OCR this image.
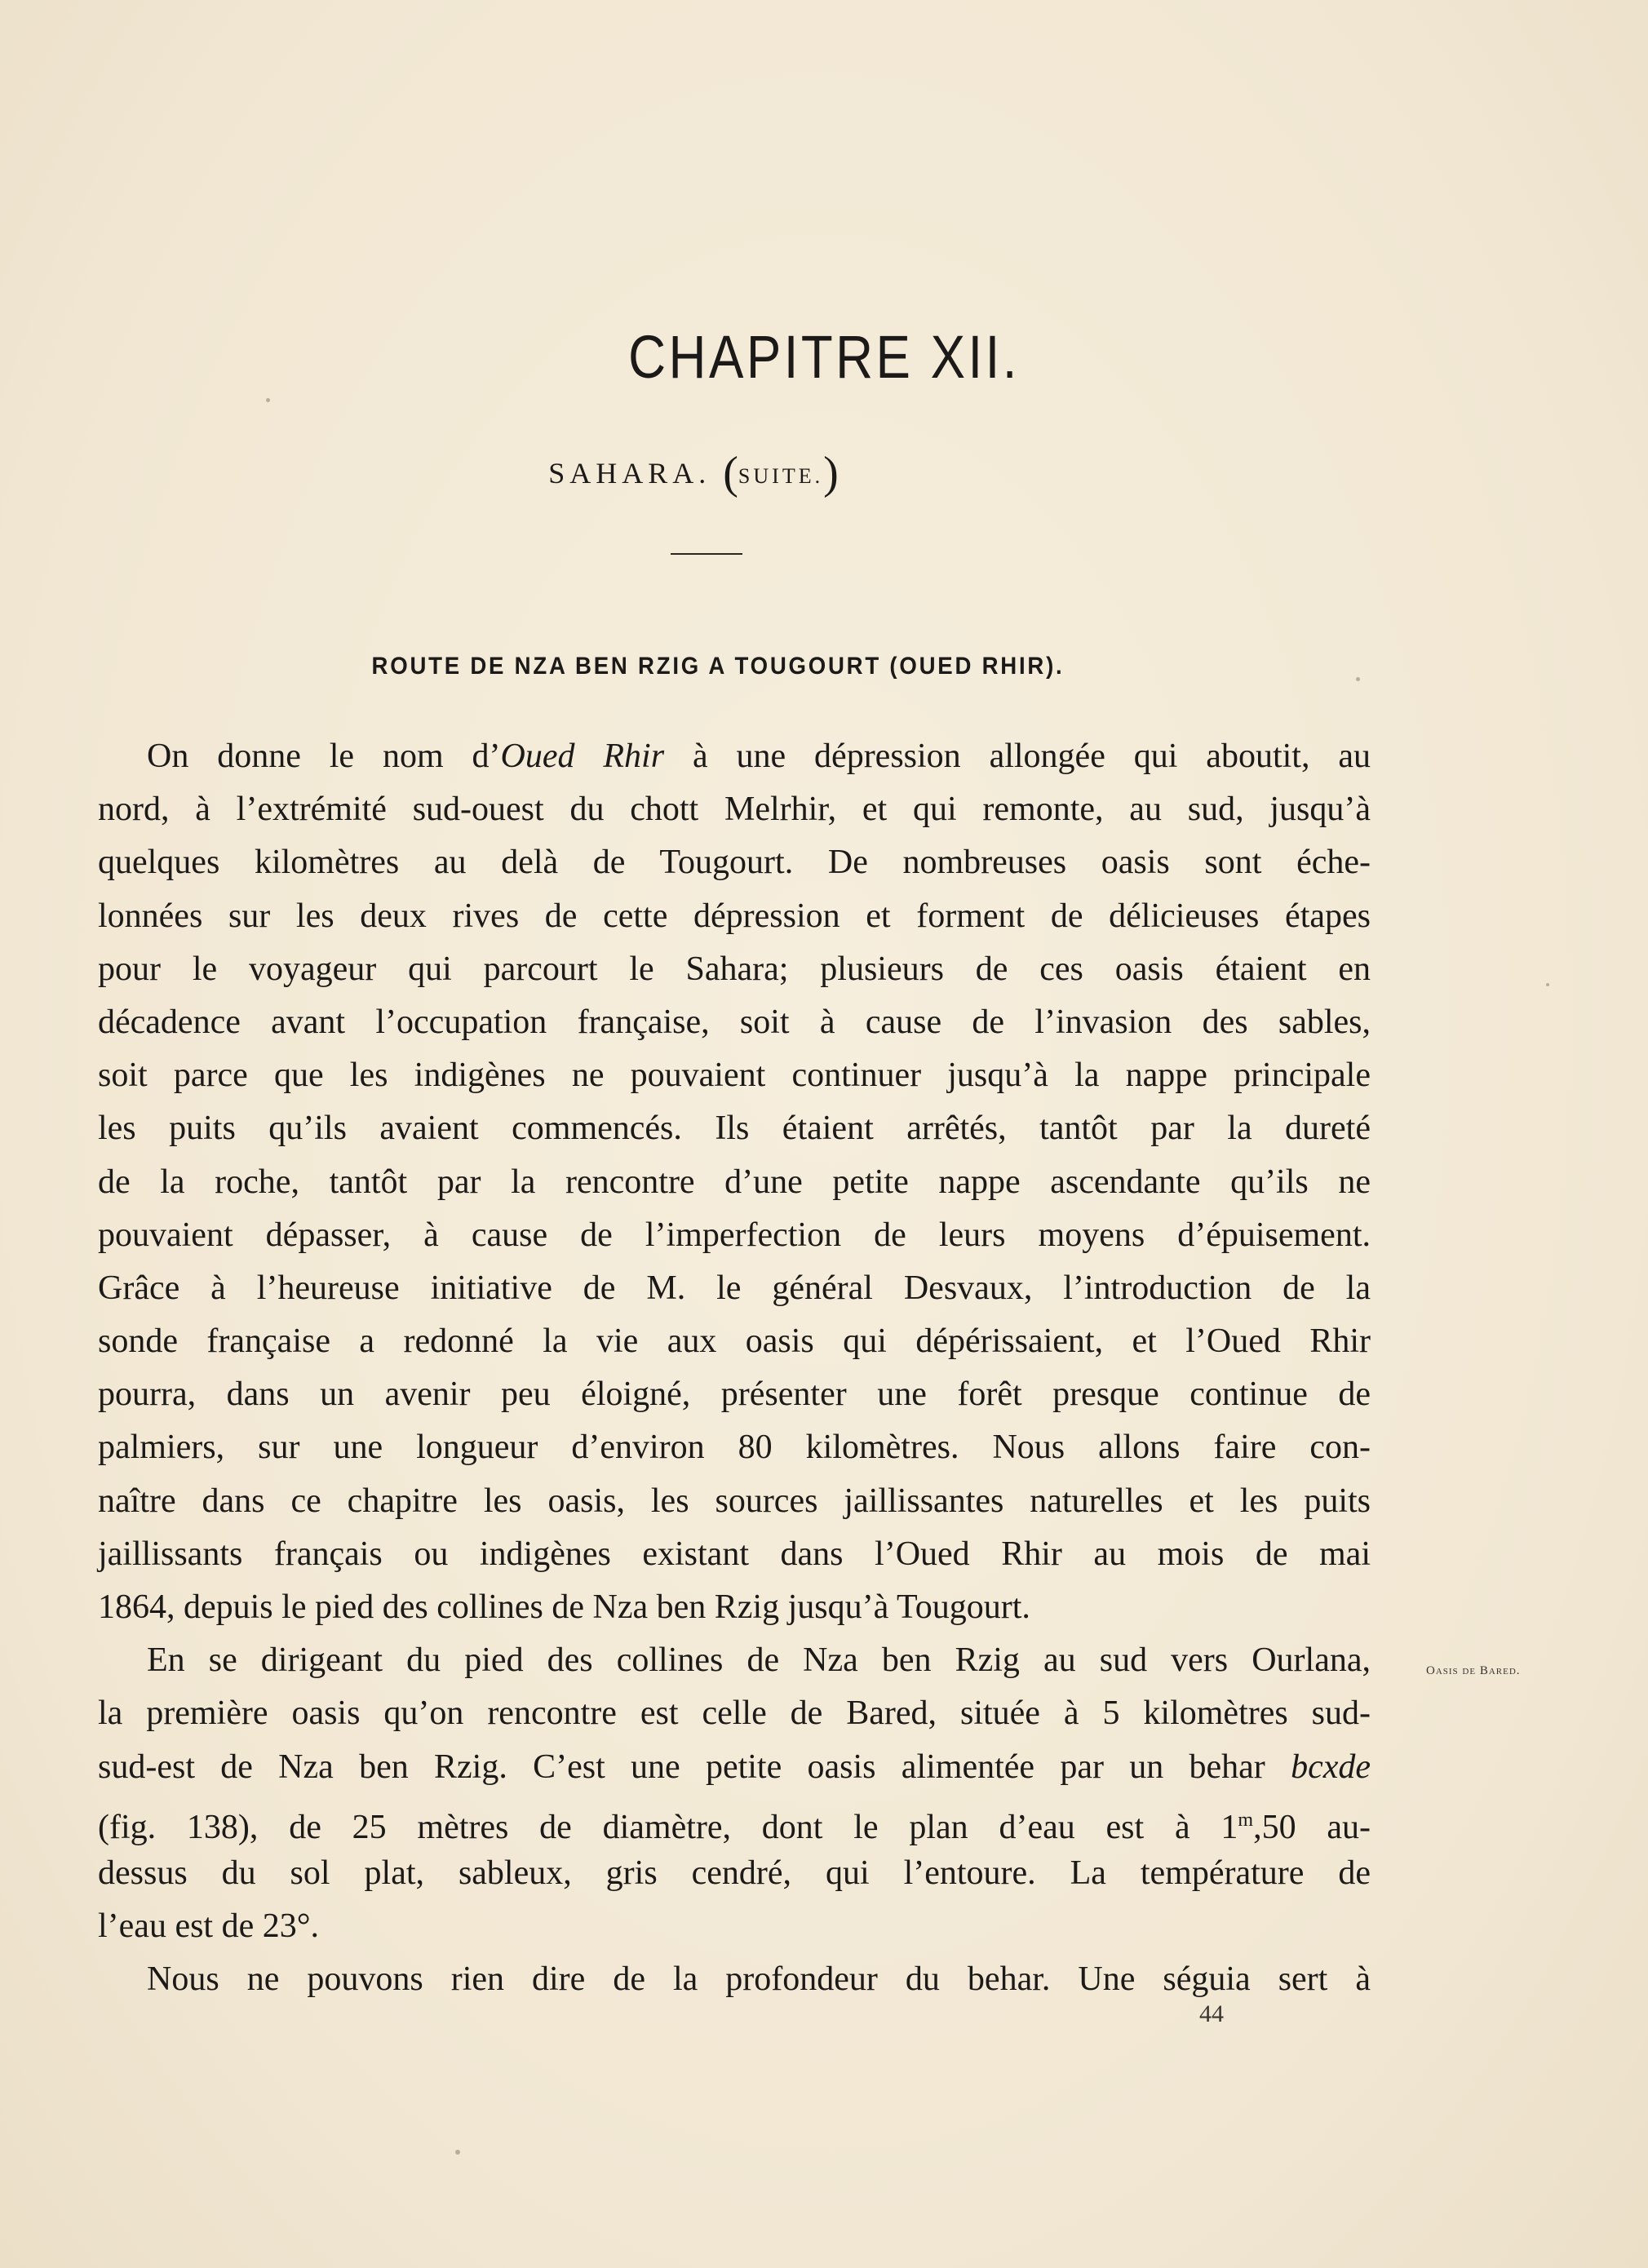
CHAPITRE XII.
SAHARA. (SUITE.)
ROUTE DE NZA BEN RZIG A TOUGOURT (OUED RHIR).
On donne le nom d’Oued Rhir à une dépression allongée qui aboutit, au
nord, à l’extrémité sud-ouest du chott Melrhir, et qui remonte, au sud, jusqu’à
quelques kilomètres au delà de Tougourt. De nombreuses oasis sont éche-
lonnées sur les deux rives de cette dépression et forment de délicieuses étapes
pour le voyageur qui parcourt le Sahara; plusieurs de ces oasis étaient en
décadence avant l’occupation française, soit à cause de l’invasion des sables,
soit parce que les indigènes ne pouvaient continuer jusqu’à la nappe principale
les puits qu’ils avaient commencés. Ils étaient arrêtés, tantôt par la dureté
de la roche, tantôt par la rencontre d’une petite nappe ascendante qu’ils ne
pouvaient dépasser, à cause de l’imperfection de leurs moyens d’épuisement.
Grâce à l’heureuse initiative de M. le général Desvaux, l’introduction de la
sonde française a redonné la vie aux oasis qui dépérissaient, et l’Oued Rhir
pourra, dans un avenir peu éloigné, présenter une forêt presque continue de
palmiers, sur une longueur d’environ 80 kilomètres. Nous allons faire con-
naître dans ce chapitre les oasis, les sources jaillissantes naturelles et les puits
jaillissants français ou indigènes existant dans l’Oued Rhir au mois de mai
1864, depuis le pied des collines de Nza ben Rzig jusqu’à Tougourt.
En se dirigeant du pied des collines de Nza ben Rzig au sud vers Ourlana,
la première oasis qu’on rencontre est celle de Bared, située à 5 kilomètres sud-
sud-est de Nza ben Rzig. C’est une petite oasis alimentée par un behar bcxde
(fig. 138), de 25 mètres de diamètre, dont le plan d’eau est à 1$^m$,50 au-
dessus du sol plat, sableux, gris cendré, qui l’entoure. La température de
l’eau est de 23°.
Nous ne pouvons rien dire de la profondeur du behar. Une séguia sert à
Oasis de Bared.
44
